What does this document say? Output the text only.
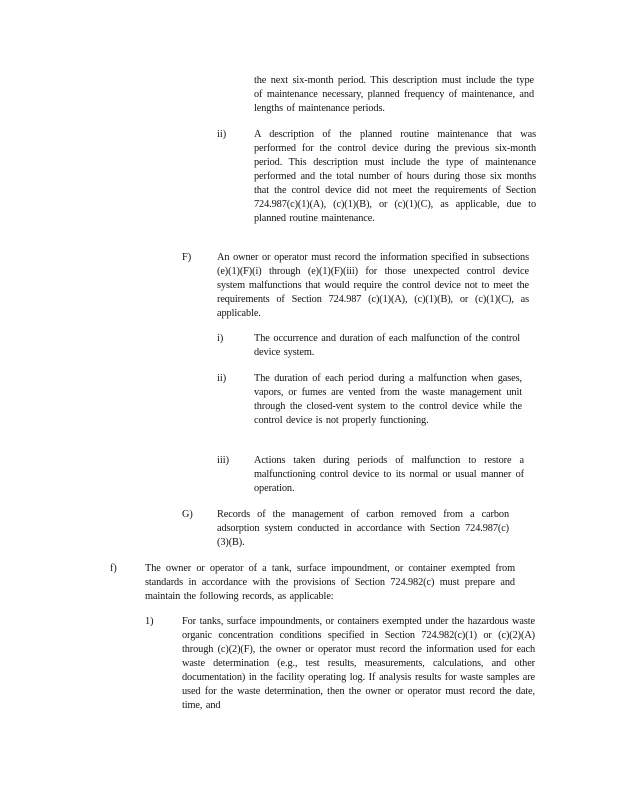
the next six-month period. This description must include the type of maintenance necessary, planned frequency of maintenance, and lengths of maintenance periods.

ii)	A description of the planned routine maintenance that was performed for the control device during the previous six-month period. This description must include the type of maintenance performed and the total number of hours during those six months that the control device did not meet the requirements of Section 724.987(c)(1)(A), (c)(1)(B), or (c)(1)(C), as applicable, due to planned routine maintenance.

F)	An owner or operator must record the information specified in subsections (e)(1)(F)(i) through (e)(1)(F)(iii) for those unexpected control device system malfunctions that would require the control device not to meet the requirements of Section 724.987 (c)(1)(A), (c)(1)(B), or (c)(1)(C), as applicable.

i)	The occurrence and duration of each malfunction of the control device system.

ii)	The duration of each period during a malfunction when gases, vapors, or fumes are vented from the waste management unit through the closed-vent system to the control device while the control device is not properly functioning.

iii) Actions taken during periods of malfunction to restore a malfunctioning control device to its normal or usual manner of operation.

G) Records of the management of carbon removed from a carbon adsorption system conducted in accordance with Section 724.987(c)(3)(B).

f)	The owner or operator of a tank, surface impoundment, or container exempted from standards in accordance with the provisions of Section 724.982(c) must prepare and maintain the following records, as applicable:

1)	For tanks, surface impoundments, or containers exempted under the hazardous waste organic concentration conditions specified in Section 724.982(c)(1) or (c)(2)(A) through (c)(2)(F), the owner or operator must record the information used for each waste determination (e.g., test results, measurements, calculations, and other documentation) in the facility operating log. If analysis results for waste samples are used for the waste determination, then the owner or operator must record the date, time, and
